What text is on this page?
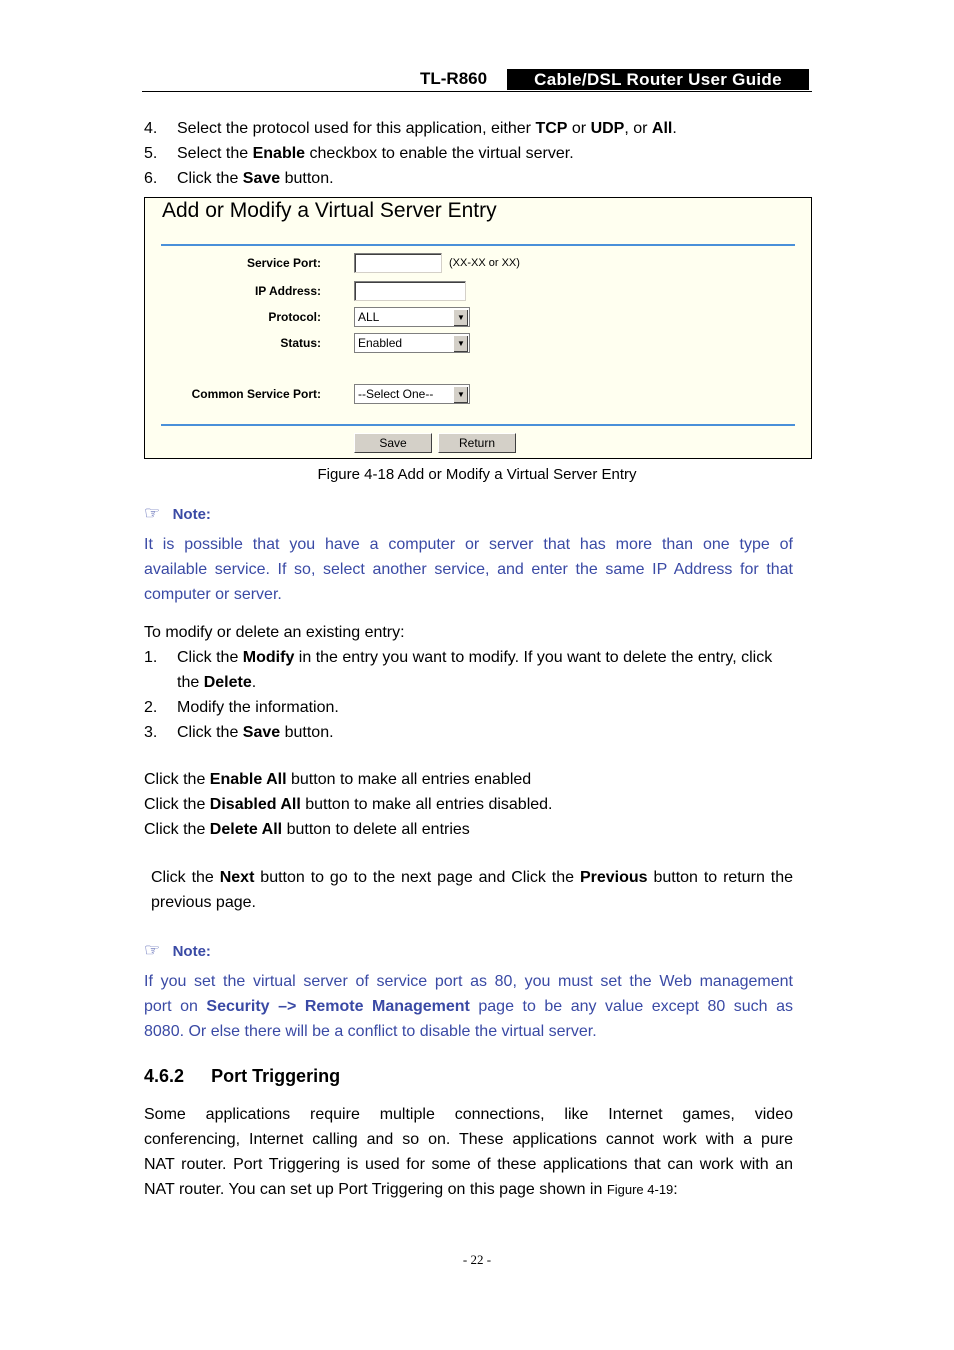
TL-R860	Cable/DSL Router User Guide
4. Select the protocol used for this application, either TCP or UDP, or All.
5. Select the Enable checkbox to enable the virtual server.
6. Click the Save button.
Add or Modify a Virtual Server Entry
Service Port:	(XX-XX or XX)
IP Address:
Protocol:	ALL	▼
Status:	Enabled	▼
Common Service Port:	--Select One--	▼
Save	Return
Figure 4-18 Add or Modify a Virtual Server Entry
☞ Note:
It is possible that you have a computer or server that has more than one type of
available service. If so, select another service, and enter the same IP Address for that
computer or server.
To modify or delete an existing entry:
1. Click the Modify in the entry you want to modify. If you want to delete the entry, click
the Delete.
2. Modify the information.
3. Click the Save button.
Click the Enable All button to make all entries enabled
Click the Disabled All button to make all entries disabled.
Click the Delete All button to delete all entries
Click the Next button to go to the next page and Click the Previous button to return the
previous page.
☞ Note:
If you set the virtual server of service port as 80, you must set the Web management
port on Security –> Remote Management page to be any value except 80 such as
8080. Or else there will be a conflict to disable the virtual server.
4.6.2 Port Triggering
Some applications require multiple connections, like Internet games, video
conferencing, Internet calling and so on. These applications cannot work with a pure
NAT router. Port Triggering is used for some of these applications that can work with an
NAT router. You can set up Port Triggering on this page shown in Figure 4-19:
- 22 -
